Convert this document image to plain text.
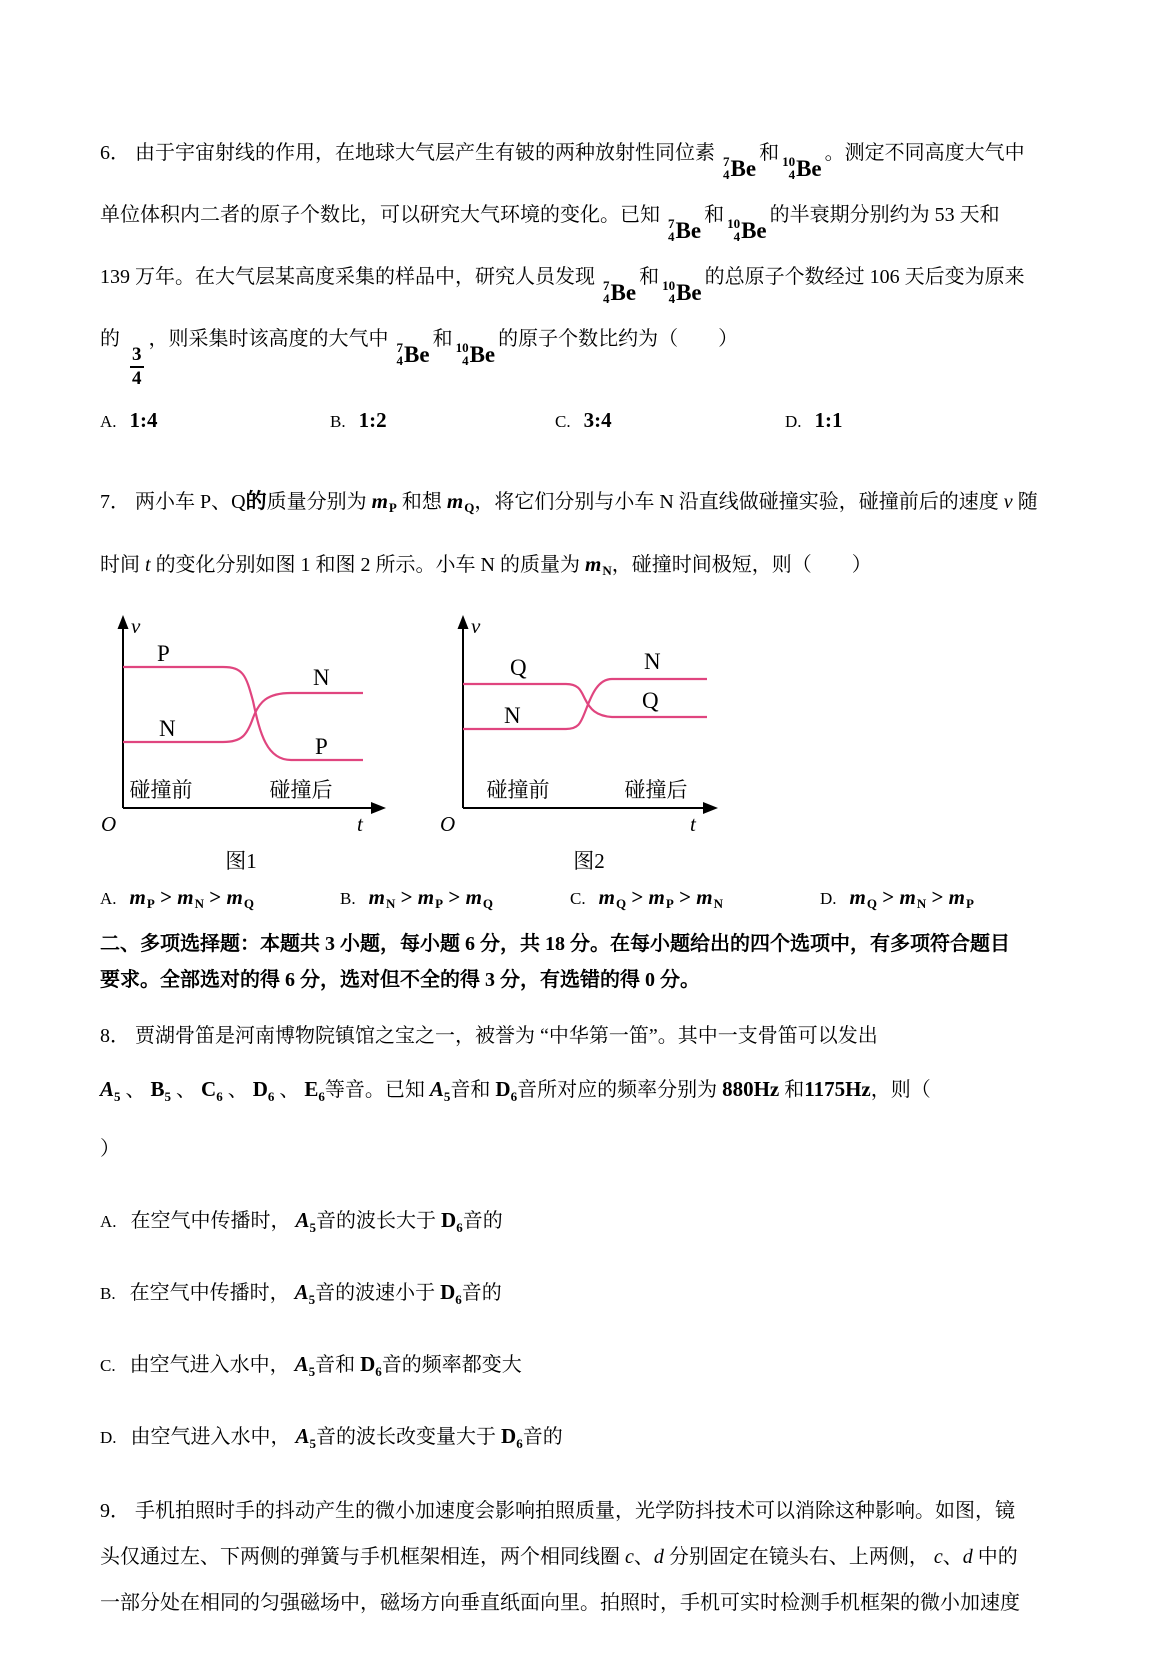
6． 由于宇宙射线的作用，在地球大气层产生有铍的两种放射性同位素 7
4 Be
和 10
4 Be
。测定不同高度大气中
单位体积内二者的原子个数比，可以研究大气环境的变化。已知 7
4 Be
和 10
4 Be
的半衰期分别约为 53 天和
139 万年。在大气层某高度采集的样品中，研究人员发现 7
4 Be
和 10
4 Be
的总原子个数经过 106 天后变为原来
的
$\frac{3}{4}$
，则采集时该高度的大气中 7
4 Be
和 10
4 Be
的原子个数比约为（　　）

A. 1:4	B. 1:2	C. 3:4	D. 1:1

7． 两小车 P、Q的质量分别为 $m_P$ 和想 $m_Q$，将它们分别与小车 N 沿直线做碰撞实验，碰撞前后的速度 v 随
时间 t 的变化分别如图 1 和图 2 所示。小车 N 的质量为 $m_N$，碰撞时间极短，则（　　）

P
N
N
P
碰撞前	碰撞后
v
t
O
图1
Q
N
N
Q
碰撞前	碰撞后
v
t
O
图2
A. $m_P > m_N > m_Q$	B. $m_N > m_P > m_Q$	C. $m_Q > m_P > m_N$	D. $m_Q > m_N > m_P$

二、多项选择题：本题共 3 小题，每小题 6 分，共 18 分。在每小题给出的四个选项中，有多项符合题目
要求。全部选对的得 6 分，选对但不全的得 3 分，有选错的得 0 分。

8． 贾湖骨笛是河南博物院镇馆之宝之一，被誉为 “中华第一笛”。其中一支骨笛可以发出
$A_5$ 、 $B_5$ 、 $C_6$ 、 $D_6$ 、 $E_6$等音。已知 $A_5$音和 $D_6$音所对应的频率分别为 880Hz 和1175Hz，则（
）

A. 在空气中传播时， $A_5$音的波长大于 $D_6$音的
B. 在空气中传播时， $A_5$音的波速小于 $D_6$音的
C. 由空气进入水中， $A_5$音和 $D_6$音的频率都变大
D. 由空气进入水中， $A_5$音的波长改变量大于 $D_6$音的

9． 手机拍照时手的抖动产生的微小加速度会影响拍照质量，光学防抖技术可以消除这种影响。如图，镜
头仅通过左、下两侧的弹簧与手机框架相连，两个相同线圈 c、d 分别固定在镜头右、上两侧， c、d 中的
一部分处在相同的匀强磁场中，磁场方向垂直纸面向里。拍照时，手机可实时检测手机框架的微小加速度
